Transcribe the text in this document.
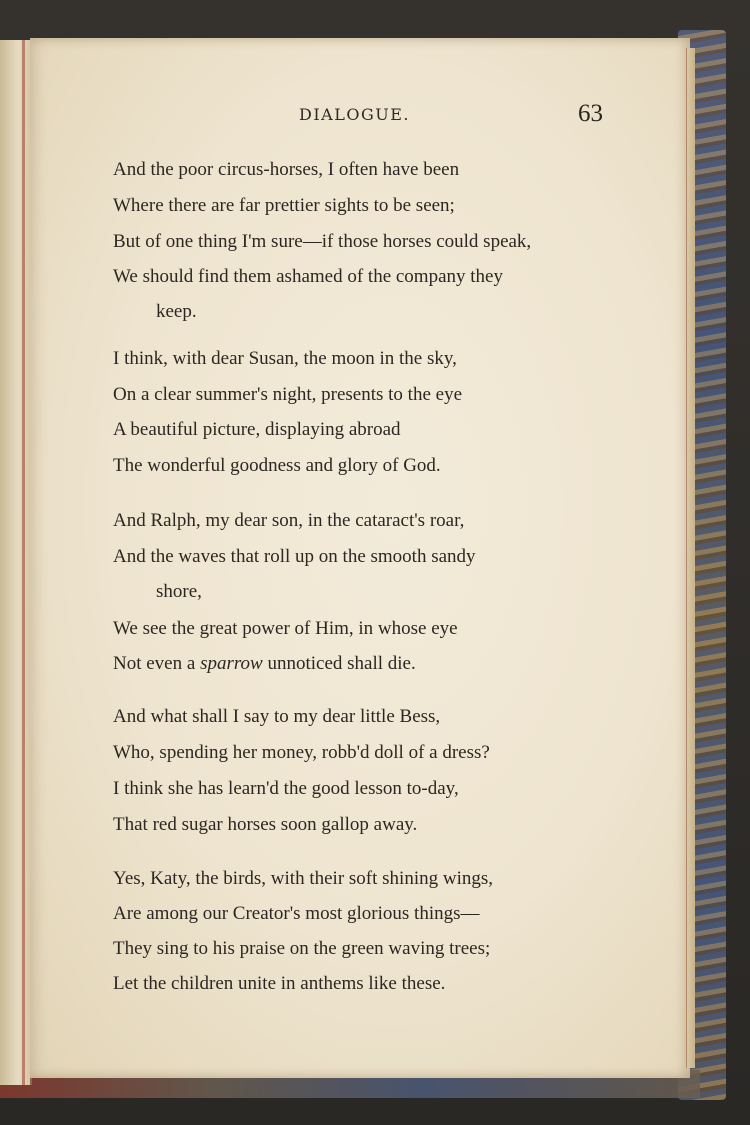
DIALOGUE.	63
And the poor circus-horses, I often have been
Where there are far prettier sights to be seen;
But of one thing I'm sure—if those horses could speak,
We should find them ashamed of the company they
keep.
I think, with dear Susan, the moon in the sky,
On a clear summer's night, presents to the eye
A beautiful picture, displaying abroad
The wonderful goodness and glory of God.
And Ralph, my dear son, in the cataract's roar,
And the waves that roll up on the smooth sandy
shore,
We see the great power of Him, in whose eye
Not even a sparrow unnoticed shall die.
And what shall I say to my dear little Bess,
Who, spending her money, robb'd doll of a dress?
I think she has learn'd the good lesson to-day,
That red sugar horses soon gallop away.
Yes, Katy, the birds, with their soft shining wings,
Are among our Creator's most glorious things—
They sing to his praise on the green waving trees;
Let the children unite in anthems like these.
